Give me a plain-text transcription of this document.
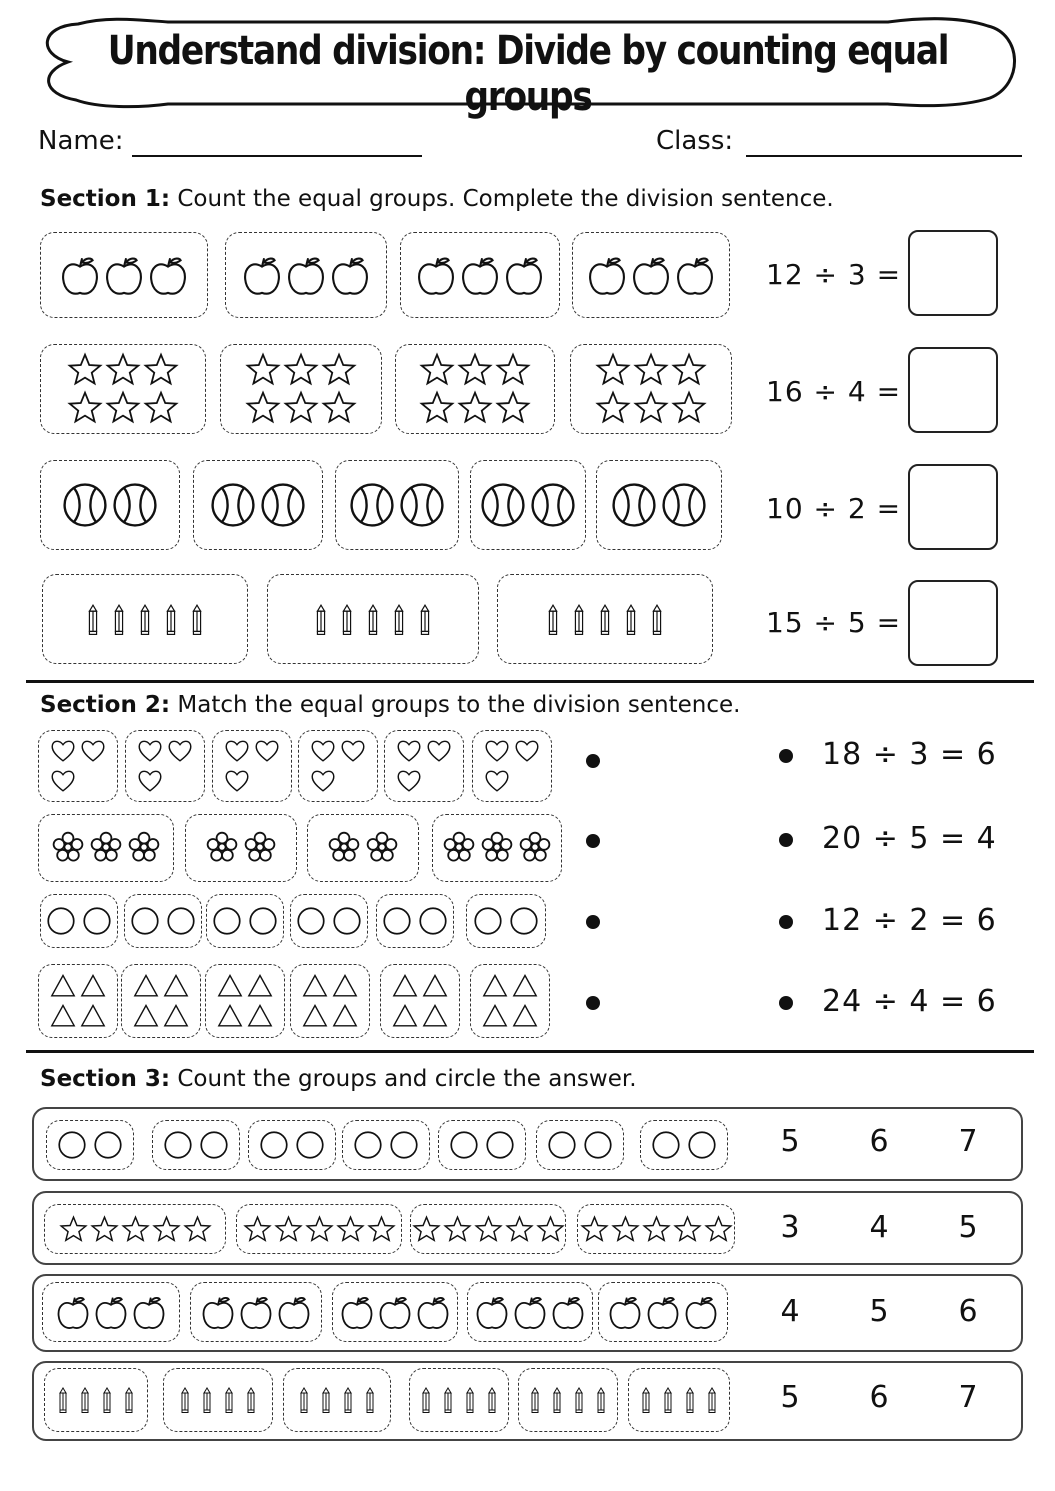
Understand division: Divide by counting equal groups
Name:	Class:
Section 1: Count the equal groups. Complete the division sentence.
12 ÷ 3 =
16 ÷ 4 =
10 ÷ 2 =
15 ÷ 5 =
Section 2: Match the equal groups to the division sentence.
18 ÷ 3 = 6
20 ÷ 5 = 4
12 ÷ 2 = 6
24 ÷ 4 = 6
Section 3: Count the groups and circle the answer.
5	6	7
3	4	5
4	5	6
5	6	7
